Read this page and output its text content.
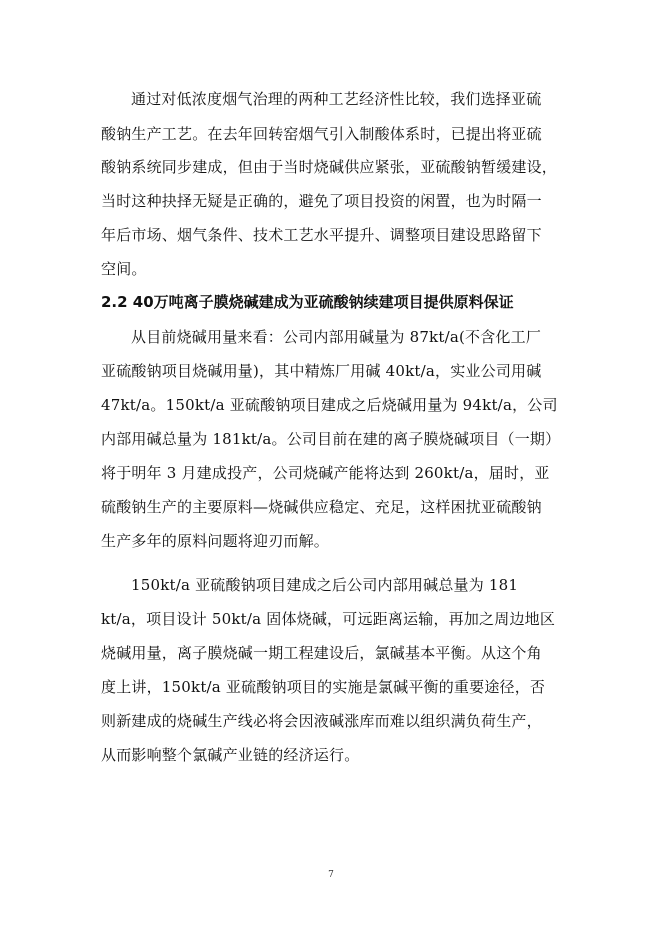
通过对低浓度烟气治理的两种工艺经济性比较，我们选择亚硫
酸钠生产工艺。在去年回转窑烟气引入制酸体系时，已提出将亚硫
酸钠系统同步建成，但由于当时烧碱供应紧张，亚硫酸钠暂缓建设，
当时这种抉择无疑是正确的，避免了项目投资的闲置，也为时隔一
年后市场、烟气条件、技术工艺水平提升、调整项目建设思路留下
空间。
2.2 40万吨离子膜烧碱建成为亚硫酸钠续建项目提供原料保证
从目前烧碱用量来看：公司内部用碱量为 87kt/a(不含化工厂
亚硫酸钠项目烧碱用量)，其中精炼厂用碱 40kt/a，实业公司用碱
47kt/a。150kt/a 亚硫酸钠项目建成之后烧碱用量为 94kt/a，公司
内部用碱总量为 181kt/a。公司目前在建的离子膜烧碱项目（一期）
将于明年 3 月建成投产，公司烧碱产能将达到 260kt/a，届时，亚
硫酸钠生产的主要原料—烧碱供应稳定、充足，这样困扰亚硫酸钠
生产多年的原料问题将迎刃而解。
150kt/a 亚硫酸钠项目建成之后公司内部用碱总量为 181
kt/a，项目设计 50kt/a 固体烧碱，可远距离运输，再加之周边地区
烧碱用量，离子膜烧碱一期工程建设后，氯碱基本平衡。从这个角
度上讲，150kt/a 亚硫酸钠项目的实施是氯碱平衡的重要途径，否
则新建成的烧碱生产线必将会因液碱涨库而难以组织满负荷生产，
从而影响整个氯碱产业链的经济运行。
7
